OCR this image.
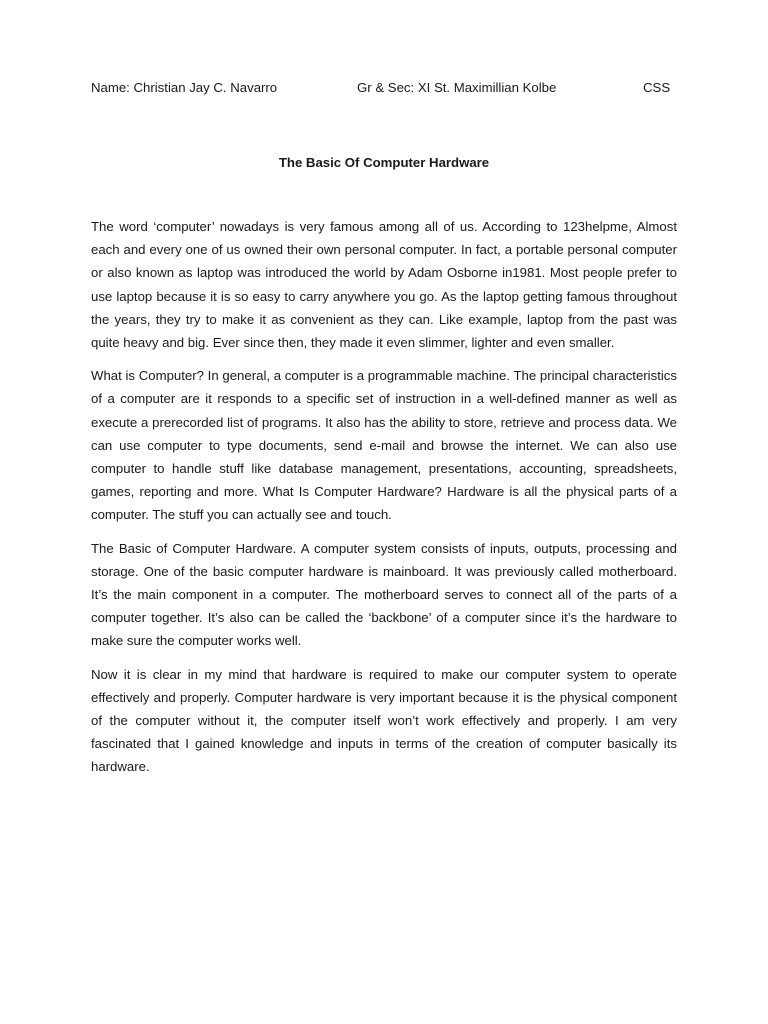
Name: Christian Jay C. Navarro	Gr & Sec: XI St. Maximillian Kolbe	CSS
The Basic Of Computer Hardware

The word ‘computer’ nowadays is very famous among all of us. According to 123helpme, Almost each and every one of us owned their own personal computer. In fact, a portable personal computer or also known as laptop was introduced the world by Adam Osborne in1981. Most people prefer to use laptop because it is so easy to carry anywhere you go. As the laptop getting famous throughout the years, they try to make it as convenient as they can. Like example, laptop from the past was quite heavy and big. Ever since then, they made it even slimmer, lighter and even smaller.

What is Computer? In general, a computer is a programmable machine. The principal characteristics of a computer are it responds to a specific set of instruction in a well-defined manner as well as execute a prerecorded list of programs. It also has the ability to store, retrieve and process data. We can use computer to type documents, send e-mail and browse the internet. We can also use computer to handle stuff like database management, presentations, accounting, spreadsheets, games, reporting and more. What Is Computer Hardware? Hardware is all the physical parts of a computer. The stuff you can actually see and touch.

The Basic of Computer Hardware. A computer system consists of inputs, outputs, processing and storage. One of the basic computer hardware is mainboard. It was previously called motherboard. It’s the main component in a computer. The motherboard serves to connect all of the parts of a computer together. It’s also can be called the ‘backbone’ of a computer since it’s the hardware to make sure the computer works well.

Now it is clear in my mind that hardware is required to make our computer system to operate effectively and properly. Computer hardware is very important because it is the physical component of the computer without it, the computer itself won’t work effectively and properly. I am very fascinated that I gained knowledge and inputs in terms of the creation of computer basically its hardware.
